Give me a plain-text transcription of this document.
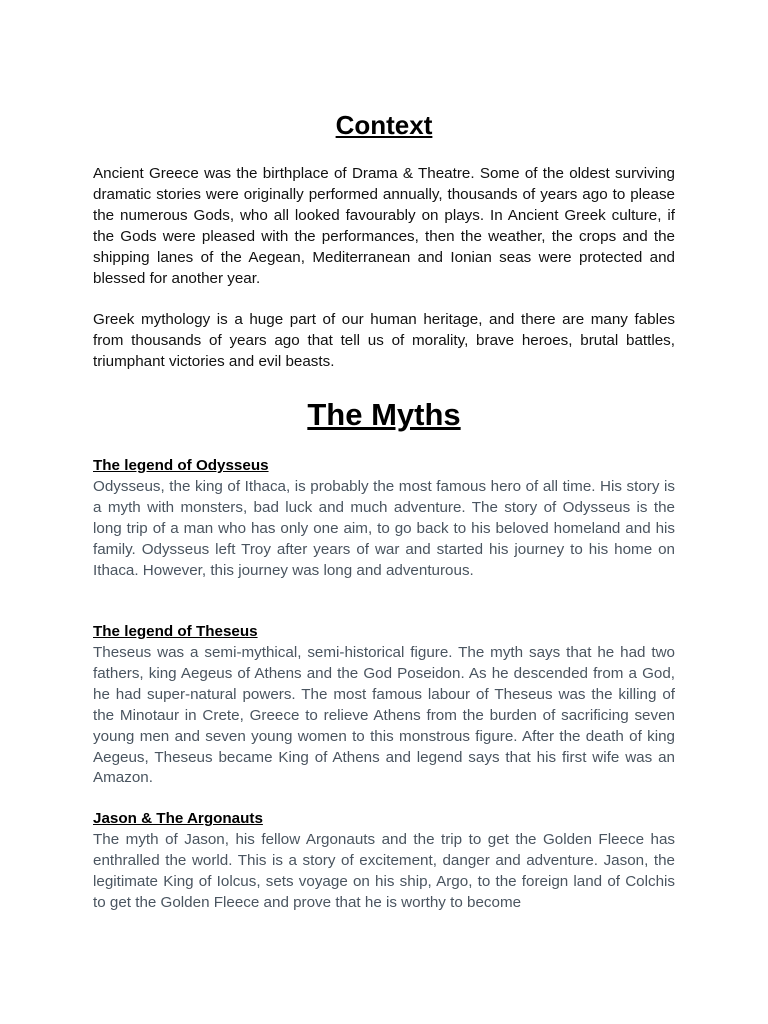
Context

Ancient Greece was the birthplace of Drama & Theatre. Some of the oldest surviving dramatic stories were originally performed annually, thousands of years ago to please the numerous Gods, who all looked favourably on plays. In Ancient Greek culture, if the Gods were pleased with the performances, then the weather, the crops and the shipping lanes of the Aegean, Mediterranean and Ionian seas were protected and blessed for another year.

Greek mythology is a huge part of our human heritage, and there are many fables from thousands of years ago that tell us of morality, brave heroes, brutal battles, triumphant victories and evil beasts.

The Myths
The legend of Odysseus

Odysseus, the king of Ithaca, is probably the most famous hero of all time. His story is a myth with monsters, bad luck and much adventure. The story of Odysseus is the long trip of a man who has only one aim, to go back to his beloved homeland and his family. Odysseus left Troy after years of war and started his journey to his home on Ithaca. However, this journey was long and adventurous.

The legend of Theseus

Theseus was a semi-mythical, semi-historical figure. The myth says that he had two fathers, king Aegeus of Athens and the God Poseidon. As he descended from a God, he had super-natural powers. The most famous labour of Theseus was the killing of the Minotaur in Crete, Greece to relieve Athens from the burden of sacrificing seven young men and seven young women to this monstrous figure. After the death of king Aegeus, Theseus became King of Athens and legend says that his first wife was an Amazon.

Jason & The Argonauts

The myth of Jason, his fellow Argonauts and the trip to get the Golden Fleece has enthralled the world. This is a story of excitement, danger and adventure. Jason, the legitimate King of Iolcus, sets voyage on his ship, Argo, to the foreign land of Colchis to get the Golden Fleece and prove that he is worthy to become
